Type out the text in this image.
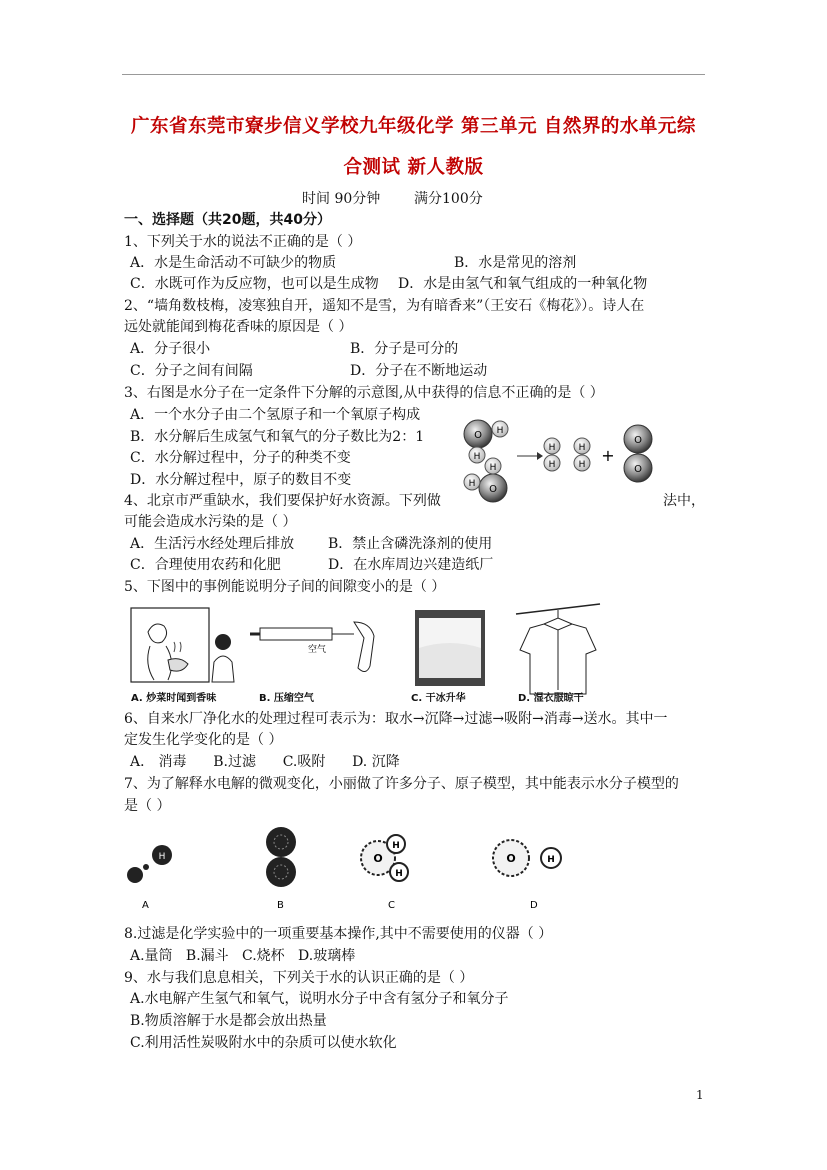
广东省东莞市寮步信义学校九年级化学 第三单元 自然界的水单元综
合测试 新人教版
时间 90分钟 满分100分
一、选择题（共20题，共40分）
1、下列关于水的说法不正确的是（ ）
A．水是生命活动不可缺少的物质	B．水是常见的溶剂
C．水既可作为反应物，也可以是生成物 D．水是由氢气和氧气组成的一种氧化物
2、“墙角数枝梅，凌寒独自开，遥知不是雪，为有暗香来”（王安石《梅花》）。诗人在
远处就能闻到梅花香味的原因是（ ）
A．分子很小	B．分子是可分的
C．分子之间有间隔	D．分子在不断地运动
3、右图是水分子在一定条件下分解的示意图,从中获得的信息不正确的是（ ）
A．一个水分子由二个氢原子和一个氧原子构成
B．水分解后生成氢气和氧气的分子数比为2：1
C．水分解过程中，分子的种类不变
D．水分解过程中，原子的数目不变
O H
H
O
H
H
H
H
H
H +
O
O
4、北京市严重缺水，我们要保护好水资源。下列做	法中，
可能会造成水污染的是（ ）
A．生活污水经处理后排放 B．禁止含磷洗涤剂的使用
C．合理使用农药和化肥	D．在水库周边兴建造纸厂
5、下图中的事例能说明分子间的间隙变小的是（ ）
空气
A. 炒菜时闻到香味	B. 压缩空气	C. 干冰升华	D. 湿衣服晾干
6、自来水厂净化水的处理过程可表示为：取水→沉降→过滤→吸附→消毒→送水。其中一
定发生化学变化的是（ ）
A． 消毒      B.过滤      C.吸附      D. 沉降
7、为了解释水电解的微观变化，小丽做了许多分子、原子模型，其中能表示水分子模型的
是（ ）
H
A	B
O
H
H
C
O	H
D
8.过滤是化学实验中的一项重要基本操作,其中不需要使用的仪器（ ）
A.量筒   B.漏斗   C.烧杯   D.玻璃棒
9、水与我们息息相关，下列关于水的认识正确的是（ ）
A.水电解产生氢气和氧气，说明水分子中含有氢分子和氧分子
B.物质溶解于水是都会放出热量
C.利用活性炭吸附水中的杂质可以使水软化
1
